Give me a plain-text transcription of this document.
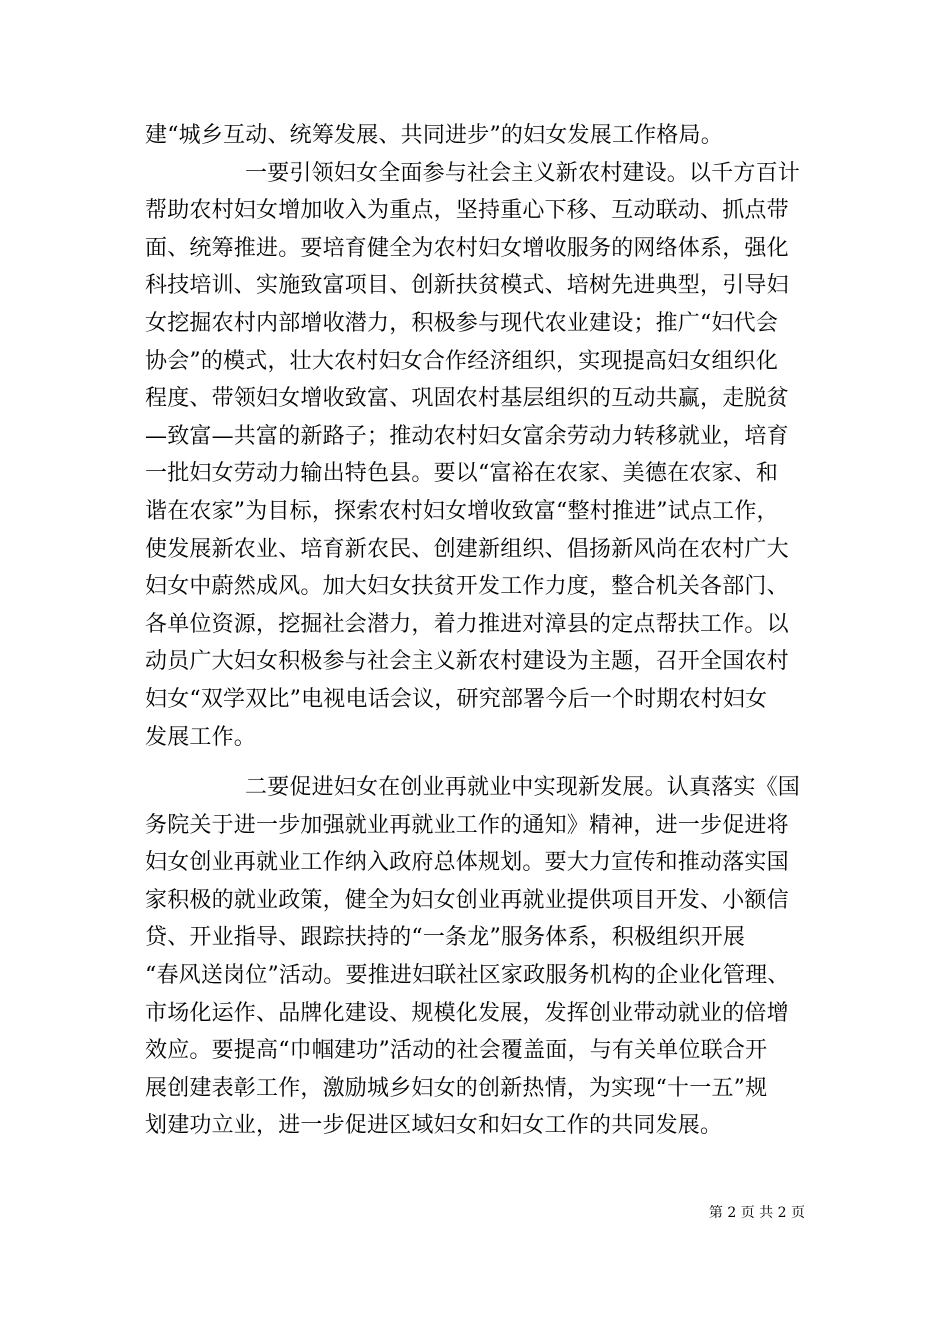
建“城乡互动、统筹发展、共同进步”的妇女发展工作格局。
一要引领妇女全面参与社会主义新农村建设。以千方百计
帮助农村妇女增加收入为重点，坚持重心下移、互动联动、抓点带
面、统筹推进。要培育健全为农村妇女增收服务的网络体系，强化
科技培训、实施致富项目、创新扶贫模式、培树先进典型，引导妇
女挖掘农村内部增收潜力，积极参与现代农业建设；推广“妇代会
协会”的模式，壮大农村妇女合作经济组织，实现提高妇女组织化
程度、带领妇女增收致富、巩固农村基层组织的互动共赢，走脱贫
—致富—共富的新路子；推动农村妇女富余劳动力转移就业，培育
一批妇女劳动力输出特色县。要以“富裕在农家、美德在农家、和
谐在农家”为目标，探索农村妇女增收致富“整村推进”试点工作，
使发展新农业、培育新农民、创建新组织、倡扬新风尚在农村广大
妇女中蔚然成风。加大妇女扶贫开发工作力度，整合机关各部门、
各单位资源，挖掘社会潜力，着力推进对漳县的定点帮扶工作。以
动员广大妇女积极参与社会主义新农村建设为主题，召开全国农村
妇女“双学双比”电视电话会议，研究部署今后一个时期农村妇女
发展工作。
二要促进妇女在创业再就业中实现新发展。认真落实《国
务院关于进一步加强就业再就业工作的通知》精神，进一步促进将
妇女创业再就业工作纳入政府总体规划。要大力宣传和推动落实国
家积极的就业政策，健全为妇女创业再就业提供项目开发、小额信
贷、开业指导、跟踪扶持的“一条龙”服务体系，积极组织开展
“春风送岗位”活动。要推进妇联社区家政服务机构的企业化管理、
市场化运作、品牌化建设、规模化发展，发挥创业带动就业的倍增
效应。要提高“巾帼建功”活动的社会覆盖面，与有关单位联合开
展创建表彰工作，激励城乡妇女的创新热情，为实现“十一五”规
划建功立业，进一步促进区域妇女和妇女工作的共同发展。
第 2 页 共 2 页
